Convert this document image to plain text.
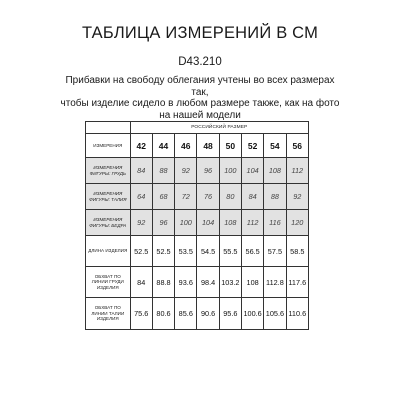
ТАБЛИЦА ИЗМЕРЕНИЙ В СМ
D43.210
Прибавки на свободу облегания учтены во всех размерах так,
чтобы изделие сидело в любом размере также, как на фото
на нашей модели
	РОССИЙСКИЙ РАЗМЕР							
ИЗМЕРЕНИЯ	42	44	46	48	50	52	54	56

ИЗМЕРЕНИЯ
ФИГУРЫ: ГРУДЬ	84	88	92	96	100	104	108	112

ИЗМЕРЕНИЯ
ФИГУРЫ: ТАЛИЯ	64	68	72	76	80	84	88	92

ИЗМЕРЕНИЯ
ФИГУРЫ: БЕДРА	92	96	100	104	108	112	116	120

ДЛИНА ИЗДЕЛИЯ	52.5	52.5	53.5	54.5	55.5	56.5	57.5	58.5

ОБХВАТ ПО
ЛИНИИ ГРУДИ
ИЗДЕЛИЯ	84	88.8	93.6	98.4	103.2	108	112.8	117.6

ОБХВАТ ПО
ЛИНИИ ТАЛИИ
ИЗДЕЛИЯ	75.6	80.6	85.6	90.6	95.6	100.6	105.6	110.6
